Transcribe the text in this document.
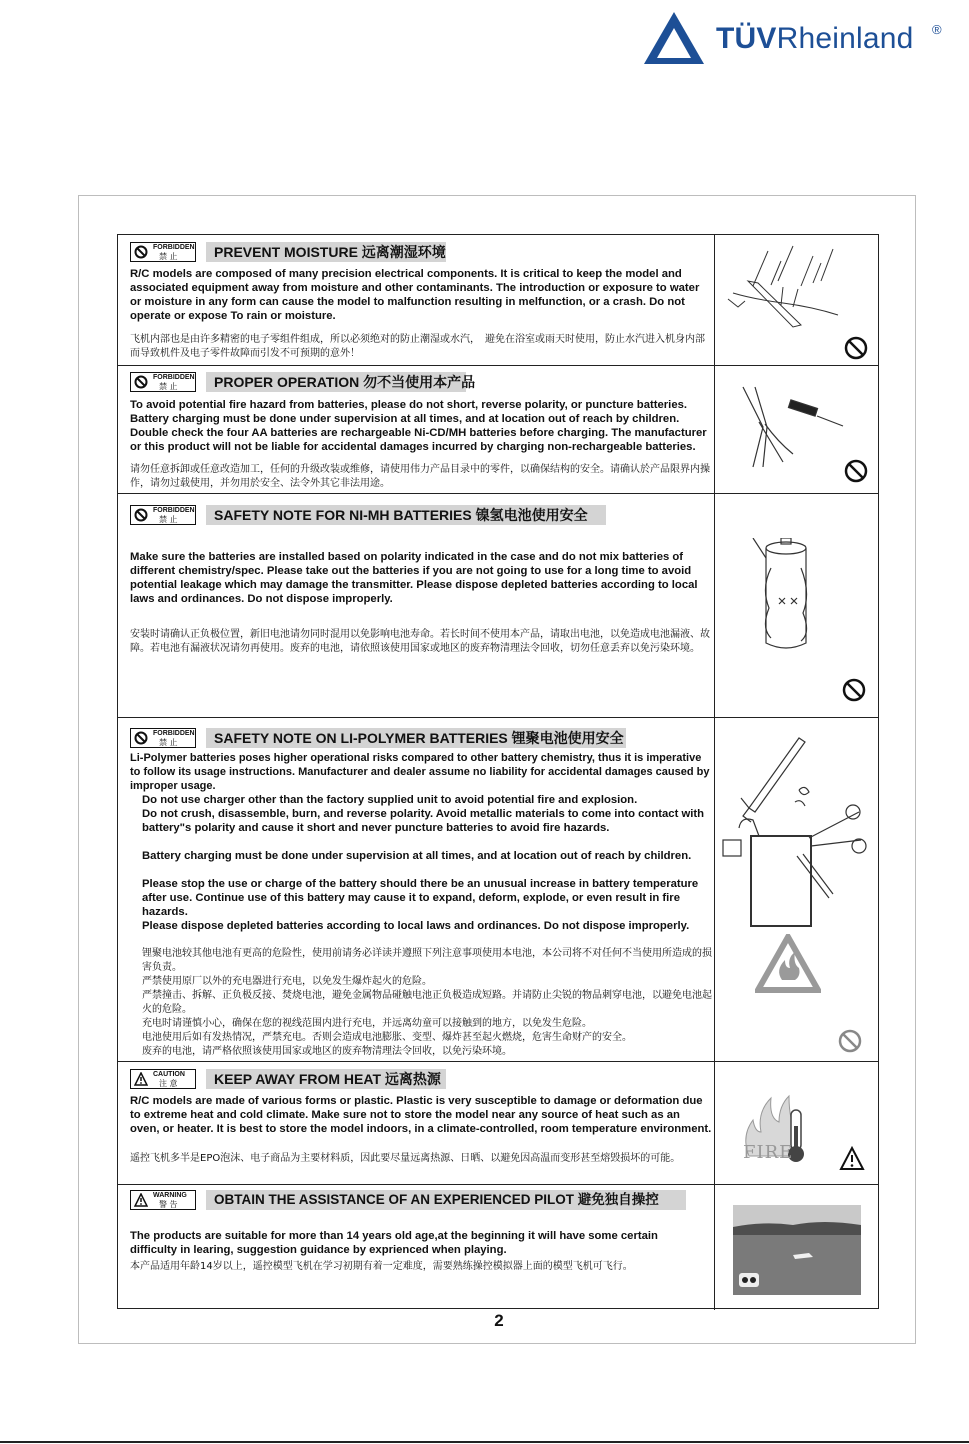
TÜVRheinland ®
FORBIDDEN
禁 止	PREVENT MOISTURE 远离潮湿环境
R/C models are composed of many precision electrical components. It is critical to keep the model and associated equipment away from moisture and other contaminants. The introduction or exposure to water or moisture in any form can cause the model to malfunction resulting in melfunction, or a crash. Do not operate or expose To rain or moisture.
飞机内部也是由许多精密的电子零组件组成，所以必须绝对的防止潮湿或水汽，　避免在浴室或雨天时使用，防止水汽进入机身内部而导致机件及电子零件故障而引发不可预期的意外！
FORBIDDEN
禁 止	PROPER OPERATION 勿不当使用本产品
To avoid potential fire hazard from batteries, please do not short, reverse polarity, or puncture batteries. Battery charging must be done under supervision at all times, and at location out of reach by children. Double check the four AA batteries are rechargeable Ni-CD/MH batteries before charging. The manufacturer or this product will not be liable for accidental damages incurred by charging non-rechargeable batteries.
请勿任意拆卸或任意改造加工，任何的升级改装或维修，请使用伟力产品目录中的零件，以确保结构的安全。请确认於产品限界内操作，请勿过载使用，并勿用於安全、法令外其它非法用途。
FORBIDDEN
禁 止	SAFETY NOTE FOR NI-MH BATTERIES 镍氢电池使用安全
Make sure the batteries are installed based on polarity indicated in the case and do not mix batteries of different chemistry/spec. Please take out the batteries if you are not going to use for a long time to avoid potential leakage which may damage the transmitter. Please dispose depleted batteries according to local laws and ordinances. Do not dispose improperly.
安装时请确认正负极位置，新旧电池请勿同时混用以免影响电池寿命。若长时间不使用本产品，请取出电池，以免造成电池漏液、故障。若电池有漏液状况请勿再使用。废弃的电池，请依照该使用国家或地区的废弃物清理法令回收，切勿任意丢弃以免污染环境。
FORBIDDEN
禁 止	SAFETY NOTE ON LI-POLYMER BATTERIES 锂聚电池使用安全
Li-Polymer batteries poses higher operational risks compared to other battery chemistry, thus it is imperative to follow its usage instructions. Manufacturer and dealer assume no liability for accidental damages caused by improper usage.
Do not use charger other than the factory supplied unit to avoid potential fire and explosion.
Do not crush, disassemble, burn, and reverse polarity. Avoid metallic materials to come into contact with battery"s polarity and cause it short and never puncture batteries to avoid fire hazards.
Battery charging must be done under supervision at all times, and at location out of reach by children.
Please stop the use or charge of the battery should there be an unusual increase in battery temperature after use. Continue use of this battery may cause it to expand, deform, explode, or even result in fire hazards.
Please dispose depleted batteries according to local laws and ordinances. Do not dispose improperly.
锂聚电池较其他电池有更高的危险性，使用前请务必详读并遵照下列注意事项使用本电池，本公司将不对任何不当使用所造成的损害负责。
严禁使用原厂以外的充电器进行充电，以免发生爆炸起火的危险。
严禁撞击、拆解、正负极反接、焚烧电池，避免金属物品碰触电池正负极造成短路。并请防止尖锐的物品刺穿电池，以避免电池起火的危险。
充电时请谨慎小心，确保在您的视线范围内进行充电，并远离幼童可以接触到的地方，以免发生危险。
电池使用后如有发热情况，严禁充电。否则会造成电池膨胀、变型、爆炸甚至起火燃烧，危害生命财产的安全。
废弃的电池，请严格依照该使用国家或地区的废弃物清理法令回收，以免污染环境。
CAUTION
注 意	KEEP AWAY FROM HEAT 远离热源
R/C models are made of various forms or plastic. Plastic is very susceptible to damage or deformation due to extreme heat and cold climate. Make sure not to store the model near any source of heat such as an oven, or heater. It is best to store the model indoors, in a climate-controlled, room temperature environment.
遥控飞机多半是EPO泡沫、电子商品为主要材料质，因此要尽量远离热源、日晒、以避免因高温而变形甚至熔毁损坏的可能。	FIRE
WARNING
警 告	OBTAIN THE ASSISTANCE OF AN EXPERIENCED PILOT 避免独自操控
The products are suitable for more than 14 years old age,at the beginning it will have some certain difficulty in learing, suggestion guidance by exprienced when playing.
本产品适用年龄14岁以上，遥控模型飞机在学习初期有着一定难度，需要熟练操控模拟器上面的模型飞机可飞行。
2
